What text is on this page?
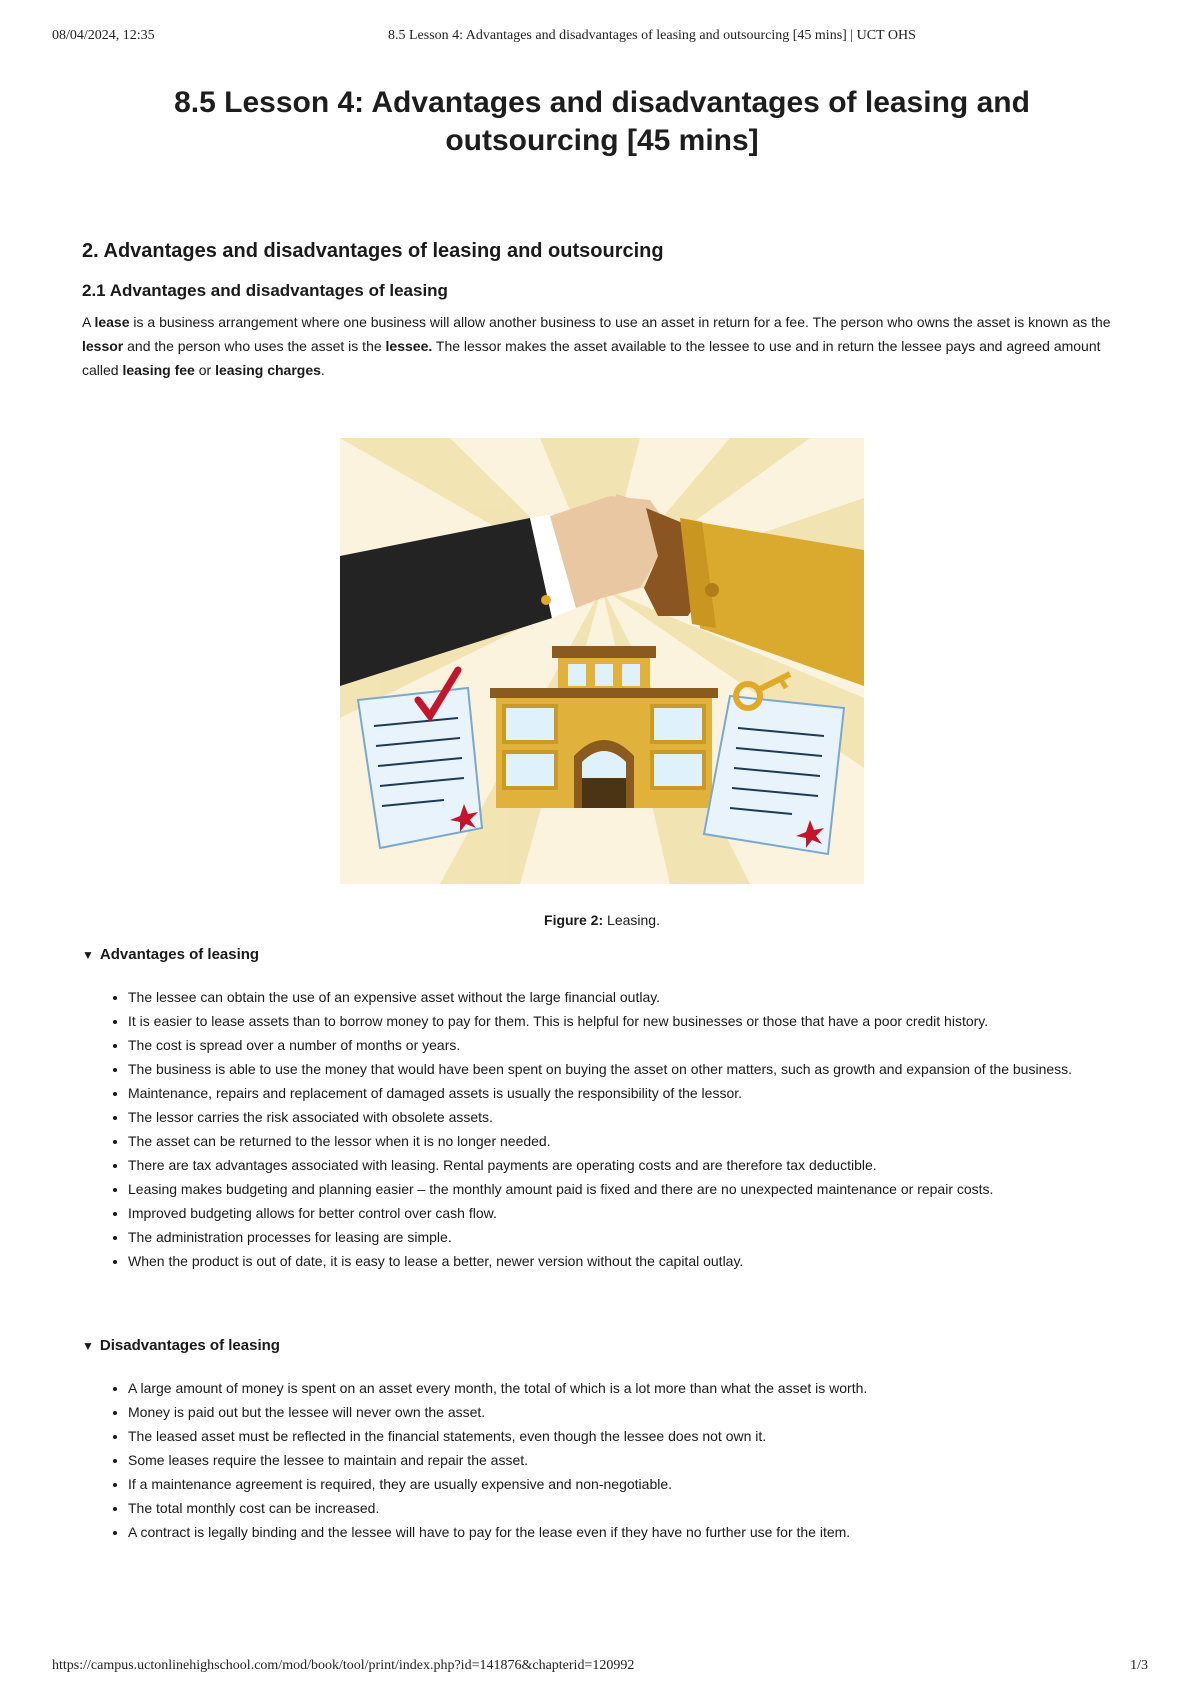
08/04/2024, 12:35	8.5 Lesson 4: Advantages and disadvantages of leasing and outsourcing [45 mins] | UCT OHS
8.5 Lesson 4: Advantages and disadvantages of leasing and outsourcing [45 mins]
2. Advantages and disadvantages of leasing and outsourcing
2.1 Advantages and disadvantages of leasing

A lease is a business arrangement where one business will allow another business to use an asset in return for a fee. The person who owns the asset is known as the lessor and the person who uses the asset is the lessee. The lessor makes the asset available to the lessee to use and in return the lessee pays and agreed amount called leasing fee or leasing charges.

Figure 2: Leasing.
▼ Advantages of leasing
• The lessee can obtain the use of an expensive asset without the large financial outlay.
• It is easier to lease assets than to borrow money to pay for them. This is helpful for new businesses or those that have a poor credit history.
• The cost is spread over a number of months or years.
• The business is able to use the money that would have been spent on buying the asset on other matters, such as growth and expansion of the business.
• Maintenance, repairs and replacement of damaged assets is usually the responsibility of the lessor.
• The lessor carries the risk associated with obsolete assets.
• The asset can be returned to the lessor when it is no longer needed.
• There are tax advantages associated with leasing. Rental payments are operating costs and are therefore tax deductible.
• Leasing makes budgeting and planning easier – the monthly amount paid is fixed and there are no unexpected maintenance or repair costs.
• Improved budgeting allows for better control over cash flow.
• The administration processes for leasing are simple.
• When the product is out of date, it is easy to lease a better, newer version without the capital outlay.
▼ Disadvantages of leasing
• A large amount of money is spent on an asset every month, the total of which is a lot more than what the asset is worth.
• Money is paid out but the lessee will never own the asset.
• The leased asset must be reflected in the financial statements, even though the lessee does not own it.
• Some leases require the lessee to maintain and repair the asset.
• If a maintenance agreement is required, they are usually expensive and non-negotiable.
• The total monthly cost can be increased.
• A contract is legally binding and the lessee will have to pay for the lease even if they have no further use for the item.
https://campus.uctonlinehighschool.com/mod/book/tool/print/index.php?id=141876&chapterid=120992	1/3
